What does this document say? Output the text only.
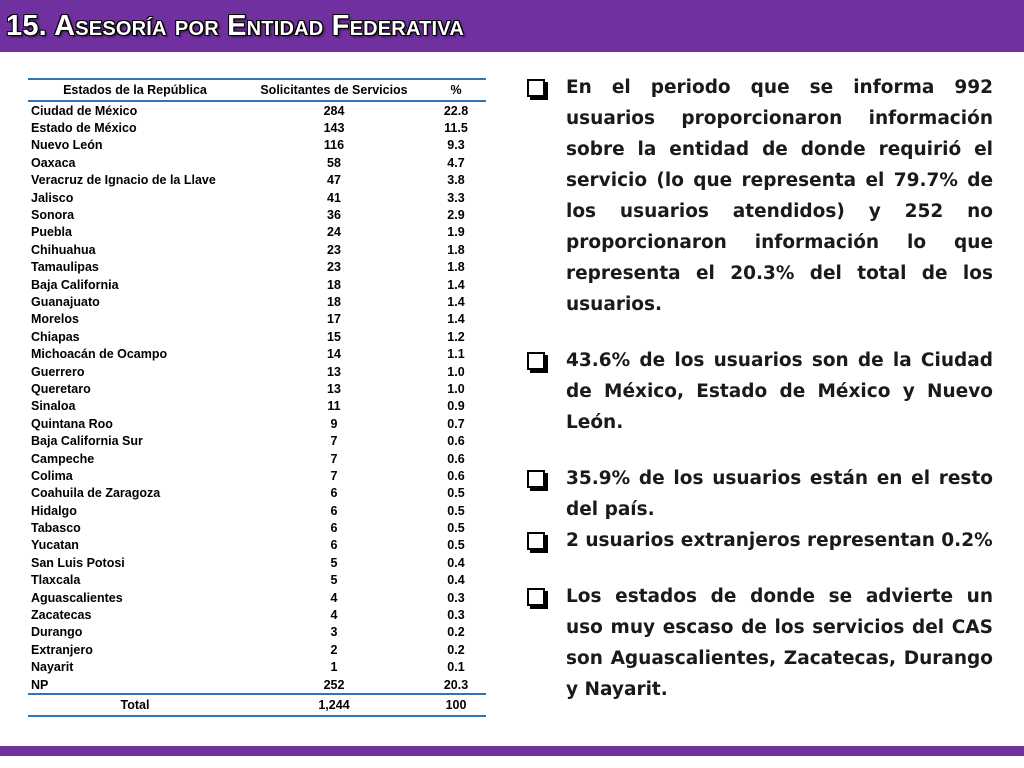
15. Asesoría por Entidad Federativa
Estados de la República	Solicitantes de Servicios	%
Ciudad de México	284	22.8
Estado de México	143	11.5
Nuevo León	116	9.3
Oaxaca	58	4.7
Veracruz de Ignacio de la Llave	47	3.8
Jalisco	41	3.3
Sonora	36	2.9
Puebla	24	1.9
Chihuahua	23	1.8
Tamaulipas	23	1.8
Baja California	18	1.4
Guanajuato	18	1.4
Morelos	17	1.4
Chiapas	15	1.2
Michoacán de Ocampo	14	1.1
Guerrero	13	1.0
Queretaro	13	1.0
Sinaloa	11	0.9
Quintana Roo	9	0.7
Baja California Sur	7	0.6
Campeche	7	0.6
Colima	7	0.6
Coahuila de Zaragoza	6	0.5
Hidalgo	6	0.5
Tabasco	6	0.5
Yucatan	6	0.5
San Luis Potosi	5	0.4
Tlaxcala	5	0.4
Aguascalientes	4	0.3
Zacatecas	4	0.3
Durango	3	0.2
Extranjero	2	0.2
Nayarit	1	0.1
NP	252	20.3
Total	1,244	100
En el periodo que se informa 992 usuarios proporcionaron información sobre la entidad de donde requirió el servicio (lo que representa el 79.7% de los usuarios atendidos) y 252 no proporcionaron información lo que representa el 20.3% del total de los usuarios.
43.6% de los usuarios son de la Ciudad de México, Estado de México y Nuevo León.
35.9% de los usuarios están en el resto del país.
2 usuarios extranjeros representan 0.2%
Los estados de donde se advierte un uso muy escaso de los servicios del CAS son Aguascalientes, Zacatecas, Durango y Nayarit.
